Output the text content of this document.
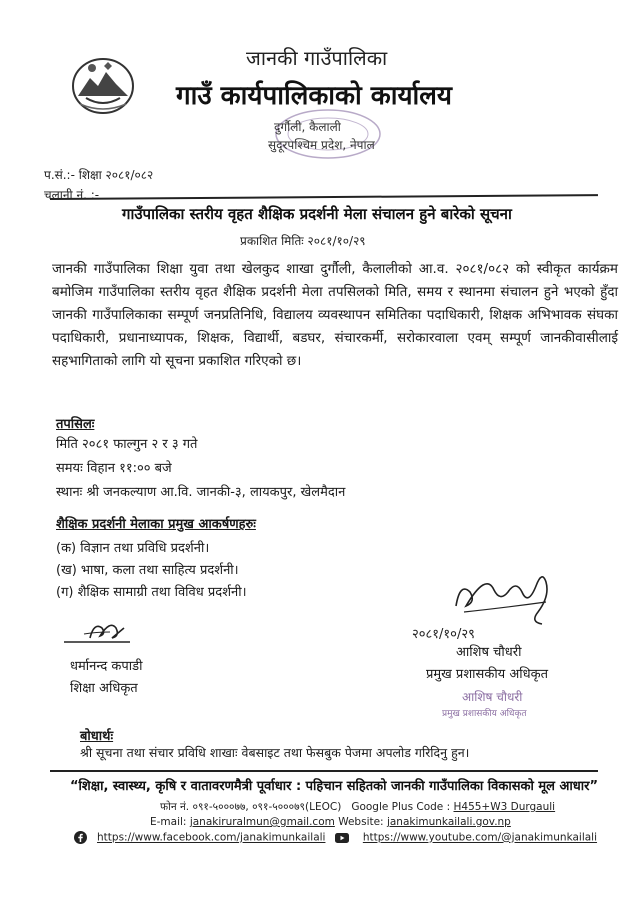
जानकी गाउँपालिका
गाउँ कार्यपालिकाको कार्यालय
दुर्गौली, कैलाली
सुदूरपश्चिम प्रदेश, नेपाल
प.सं.:- शिक्षा २०८१/०८२
चलानी नं. :-
गाउँपालिका स्तरीय वृहत शैक्षिक प्रदर्शनी मेला संचालन हुने बारेको सूचना
प्रकाशित मितिः २०८१/१०/२९
जानकी गाउँपालिका शिक्षा युवा तथा खेलकुद शाखा दुर्गौली, कैलालीको आ.व. २०८१/०८२ को स्वीकृत कार्यक्रम बमोजिम गाउँपालिका स्तरीय वृहत शैक्षिक प्रदर्शनी मेला तपसिलको मिति, समय र स्थानमा संचालन हुने भएको हुँदा जानकी गाउँपालिकाका सम्पूर्ण जनप्रतिनिधि, विद्यालय व्यवस्थापन समितिका पदाधिकारी, शिक्षक अभिभावक संघका पदाधिकारी, प्रधानाध्यापक, शिक्षक, विद्यार्थी, बडघर, संचारकर्मी, सरोकारवाला एवम् सम्पूर्ण जानकीवासीलाई सहभागिताको लागि यो सूचना प्रकाशित गरिएको छ।
तपसिलः
मिति २०८१ फाल्गुन २ र ३ गते
समयः विहान ११:०० बजे
स्थानः श्री जनकल्याण आ.वि. जानकी-३, लायकपुर, खेलमैदान
शैक्षिक प्रदर्शनी मेलाका प्रमुख आकर्षणहरुः
(क) विज्ञान तथा प्रविधि प्रदर्शनी।
(ख) भाषा, कला तथा साहित्य प्रदर्शनी।
(ग) शैक्षिक सामाग्री तथा विविध प्रदर्शनी।
धर्मानन्द कपाडी
शिक्षा अधिकृत
२०८१/१०/२९
आशिष चौधरी
प्रमुख प्रशासकीय अधिकृत
आशिष चौधरी
प्रमुख प्रशासकीय अधिकृत
बोधार्थः
श्री सूचना तथा संचार प्रविधि शाखाः वेबसाइट तथा फेसबुक पेजमा अपलोड गरिदिनु हुन।
“शिक्षा, स्वास्थ्य, कृषि र वातावरणमैत्री पूर्वाधार : पहिचान सहितको जानकी गाउँपालिका विकासको मूल आधार”
फोन नं. ०९१-५०००७७, ०९१-५०००७९(LEOC) Google Plus Code : H455+W3 Durgauli
E-mail: janakiruralmun@gmail.com Website: janakimunkailali.gov.np
https://www.facebook.com/janakimunkailali	https://www.youtube.com/@janakimunkailali
